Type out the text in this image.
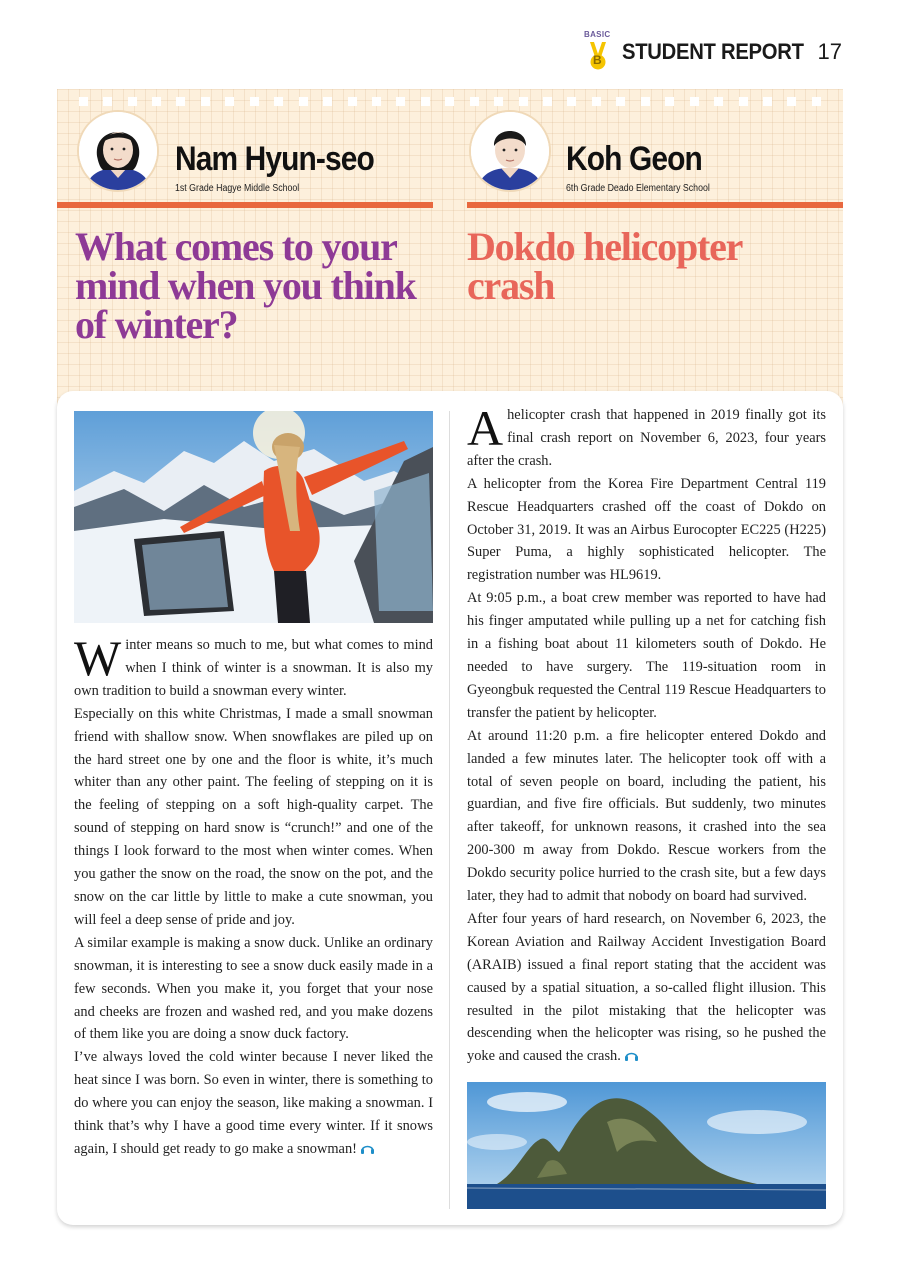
BASIC
B STUDENT REPORT 17
Nam Hyun-seo
1st Grade Hagye Middle School
Koh Geon
6th Grade Deado Elementary School
What comes to your mind when you think of winter?
Dokdo helicopter crash

Winter means so much to me, but what comes to mind when I think of winter is a snowman. It is also my own tradition to build a snowman every winter.

Especially on this white Christmas, I made a small snowman friend with shallow snow. When snowflakes are piled up on the hard street one by one and the floor is white, it’s much whiter than any other paint. The feeling of stepping on it is the feeling of stepping on a soft high-quality carpet. The sound of stepping on hard snow is “crunch!” and one of the things I look forward to the most when winter comes. When you gather the snow on the road, the snow on the pot, and the snow on the car little by little to make a cute snowman, you will feel a deep sense of pride and joy.

A similar example is making a snow duck. Unlike an ordinary snowman, it is interesting to see a snow duck easily made in a few seconds. When you make it, you forget that your nose and cheeks are frozen and washed red, and you make dozens of them like you are doing a snow duck factory.

I’ve always loved the cold winter because I never liked the heat since I was born. So even in winter, there is something to do where you can enjoy the season, like making a snowman. I think that’s why I have a good time every winter. If it snows again, I should get ready to go make a snowman!

Ahelicopter crash that happened in 2019 finally got its final crash report on November 6, 2023, four years after the crash.

A helicopter from the Korea Fire Department Central 119 Rescue Headquarters crashed off the coast of Dokdo on October 31, 2019. It was an Airbus Eurocopter EC225 (H225) Super Puma, a highly sophisticated helicopter. The registration number was HL9619.

At 9:05 p.m., a boat crew member was reported to have had his finger amputated while pulling up a net for catching fish in a fishing boat about 11 kilometers south of Dokdo. He needed to have surgery. The 119-situation room in Gyeongbuk requested the Central 119 Rescue Headquarters to transfer the patient by helicopter.

At around 11:20 p.m. a fire helicopter entered Dokdo and landed a few minutes later. The helicopter took off with a total of seven people on board, including the patient, his guardian, and five fire officials. But suddenly, two minutes after takeoff, for unknown reasons, it crashed into the sea 200-300 m away from Dokdo. Rescue workers from the Dokdo security police hurried to the crash site, but a few days later, they had to admit that nobody on board had survived.

After four years of hard research, on November 6, 2023, the Korean Aviation and Railway Accident Investigation Board (ARAIB) issued a final report stating that the accident was caused by a spatial situation, a so-called flight illusion. This resulted in the pilot mistaking that the helicopter was descending when the helicopter was rising, so he pushed the yoke and caused the crash.
